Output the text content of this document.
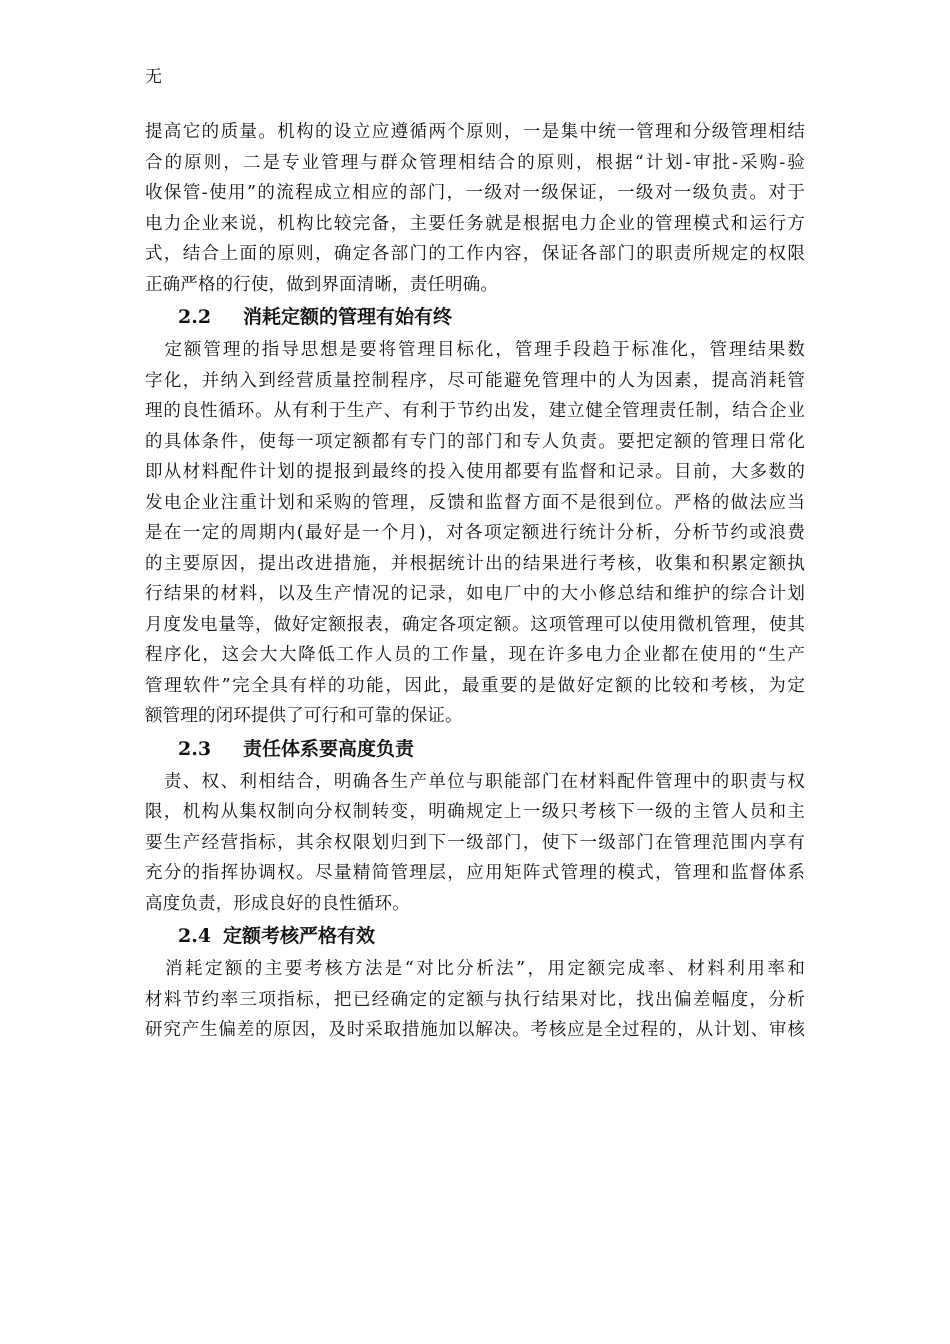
无
提高它的质量。机构的设立应遵循两个原则，一是集中统一管理和分级管理相结
合的原则，二是专业管理与群众管理相结合的原则，根据“计划-审批-采购-验
收保管-使用”的流程成立相应的部门，一级对一级保证，一级对一级负责。对于
电力企业来说，机构比较完备，主要任务就是根据电力企业的管理模式和运行方
式，结合上面的原则，确定各部门的工作内容，保证各部门的职责所规定的权限
正确严格的行使，做到界面清晰，责任明确。
2.2 消耗定额的管理有始有终
　定额管理的指导思想是要将管理目标化，管理手段趋于标准化，管理结果数
字化，并纳入到经营质量控制程序，尽可能避免管理中的人为因素，提高消耗管
理的良性循环。从有利于生产、有利于节约出发，建立健全管理责任制，结合企业
的具体条件，使每一项定额都有专门的部门和专人负责。要把定额的管理日常化
即从材料配件计划的提报到最终的投入使用都要有监督和记录。目前，大多数的
发电企业注重计划和采购的管理，反馈和监督方面不是很到位。严格的做法应当
是在一定的周期内(最好是一个月)，对各项定额进行统计分析，分析节约或浪费
的主要原因，提出改进措施，并根据统计出的结果进行考核，收集和积累定额执
行结果的材料，以及生产情况的记录，如电厂中的大小修总结和维护的综合计划
月度发电量等，做好定额报表，确定各项定额。这项管理可以使用微机管理，使其
程序化，这会大大降低工作人员的工作量，现在许多电力企业都在使用的“生产
管理软件”完全具有样的功能，因此，最重要的是做好定额的比较和考核，为定
额管理的闭环提供了可行和可靠的保证。
2.3 责任体系要高度负责
　责、权、利相结合，明确各生产单位与职能部门在材料配件管理中的职责与权
限，机构从集权制向分权制转变，明确规定上一级只考核下一级的主管人员和主
要生产经营指标，其余权限划归到下一级部门，使下一级部门在管理范围内享有
充分的指挥协调权。尽量精简管理层，应用矩阵式管理的模式，管理和监督体系
高度负责，形成良好的良性循环。
2.4 定额考核严格有效
　消耗定额的主要考核方法是“对比分析法”，用定额完成率、材料利用率和
材料节约率三项指标，把已经确定的定额与执行结果对比，找出偏差幅度，分析
研究产生偏差的原因，及时采取措施加以解决。考核应是全过程的，从计划、审核
